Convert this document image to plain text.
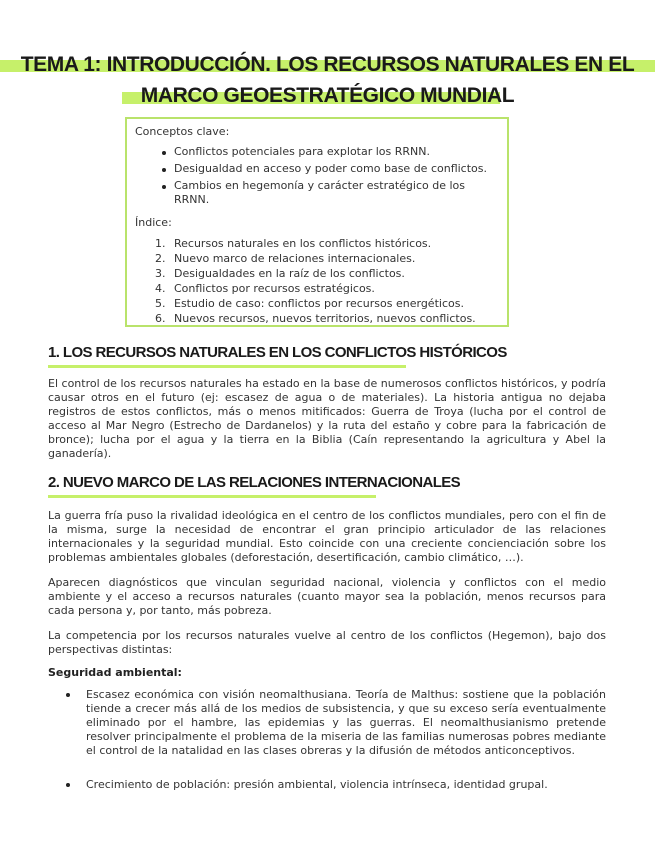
TEMA 1: INTRODUCCIÓN. LOS RECURSOS NATURALES EN EL
MARCO GEOESTRATÉGICO MUNDIAL
Conceptos clave:
Conflictos potenciales para explotar los RRNN.
Desigualdad en acceso y poder como base de conflictos.
Cambios en hegemonía y carácter estratégico de los
RRNN.
Índice:
1. Recursos naturales en los conflictos históricos.
2. Nuevo marco de relaciones internacionales.
3. Desigualdades en la raíz de los conflictos.
4. Conflictos por recursos estratégicos.
5. Estudio de caso: conflictos por recursos energéticos.
6. Nuevos recursos, nuevos territorios, nuevos conflictos.
1. LOS RECURSOS NATURALES EN LOS CONFLICTOS HISTÓRICOS
El control de los recursos naturales ha estado en la base de numerosos conflictos históricos, y podría causar otros en el futuro (ej: escasez de agua o de materiales). La historia antigua no dejaba registros de estos conflictos, más o menos mitificados: Guerra de Troya (lucha por el control de acceso al Mar Negro (Estrecho de Dardanelos) y la ruta del estaño y cobre para la fabricación de bronce); lucha por el agua y la tierra en la Biblia (Caín representando la agricultura y Abel la ganadería).
2. NUEVO MARCO DE LAS RELACIONES INTERNACIONALES
La guerra fría puso la rivalidad ideológica en el centro de los conflictos mundiales, pero con el fin de la misma, surge la necesidad de encontrar el gran principio articulador de las relaciones internacionales y la seguridad mundial. Esto coincide con una creciente concienciación sobre los problemas ambientales globales (deforestación, desertificación, cambio climático, …).
Aparecen diagnósticos que vinculan seguridad nacional, violencia y conflictos con el medio ambiente y el acceso a recursos naturales (cuanto mayor sea la población, menos recursos para cada persona y, por tanto, más pobreza.
La competencia por los recursos naturales vuelve al centro de los conflictos (Hegemon), bajo dos perspectivas distintas:
Seguridad ambiental:
Escasez económica con visión neomalthusiana. Teoría de Malthus: sostiene que la población tiende a crecer más allá de los medios de subsistencia, y que su exceso sería eventualmente eliminado por el hambre, las epidemias y las guerras. El neomalthusianismo pretende resolver principalmente el problema de la miseria de las familias numerosas pobres mediante el control de la natalidad en las clases obreras y la difusión de métodos anticonceptivos.
Crecimiento de población: presión ambiental, violencia intrínseca, identidad grupal.
